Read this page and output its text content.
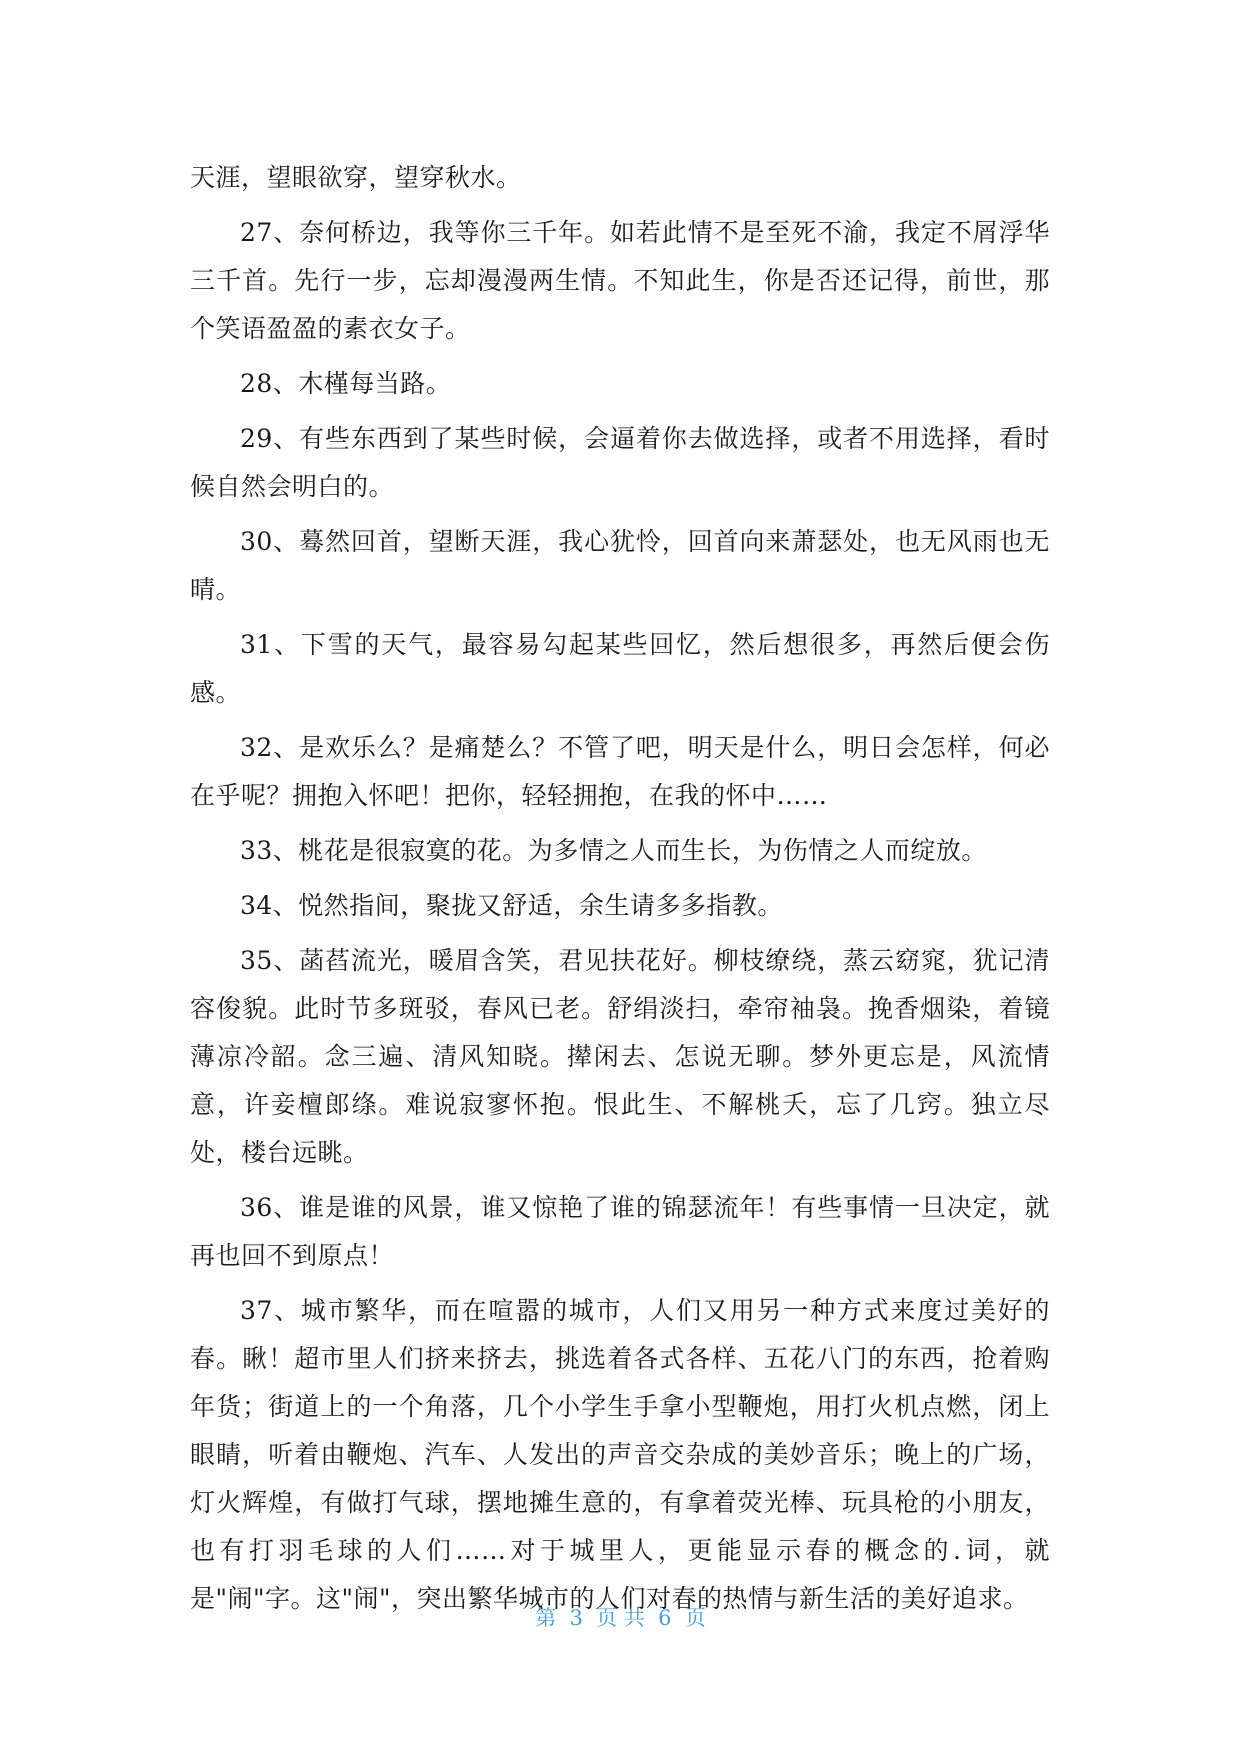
天涯，望眼欲穿，望穿秋水。

27、奈何桥边，我等你三千年。如若此情不是至死不渝，我定不屑浮华三千首。先行一步，忘却漫漫两生情。不知此生，你是否还记得，前世，那个笑语盈盈的素衣女子。

28、木槿每当路。

29、有些东西到了某些时候，会逼着你去做选择，或者不用选择，看时候自然会明白的。

30、蓦然回首，望断天涯，我心犹怜，回首向来萧瑟处，也无风雨也无晴。

31、下雪的天气，最容易勾起某些回忆，然后想很多，再然后便会伤感。

32、是欢乐么？是痛楚么？不管了吧，明天是什么，明日会怎样，何必在乎呢？拥抱入怀吧！把你，轻轻拥抱，在我的怀中……

33、桃花是很寂寞的花。为多情之人而生长，为伤情之人而绽放。

34、悦然指间，聚拢又舒适，余生请多多指教。

35、菡萏流光，暖眉含笑，君见扶花好。柳枝缭绕，蒸云窈窕，犹记清容俊貌。此时节多斑驳，春风已老。舒绢淡扫，牵帘袖袅。挽香烟染，着镜薄凉冷韶。念三遍、清风知晓。撵闲去、怎说无聊。梦外更忘是，风流情意，许妾檀郎绦。难说寂寥怀抱。恨此生、不解桃夭，忘了几窍。独立尽处，楼台远眺。

36、谁是谁的风景，谁又惊艳了谁的锦瑟流年！有些事情一旦决定，就再也回不到原点！

37、城市繁华，而在喧嚣的城市，人们又用另一种方式来度过美好的春。瞅！超市里人们挤来挤去，挑选着各式各样、五花八门的东西，抢着购年货；街道上的一个角落，几个小学生手拿小型鞭炮，用打火机点燃，闭上眼睛，听着由鞭炮、汽车、人发出的声音交杂成的美妙音乐；晚上的广场，灯火辉煌，有做打气球，摆地摊生意的，有拿着荧光棒、玩具枪的小朋友，也有打羽毛球的人们……对于城里人，更能显示春的概念的.词，就是"闹"字。这"闹"，突出繁华城市的人们对春的热情与新生活的美好追求。

第  3  页 共  6  页
